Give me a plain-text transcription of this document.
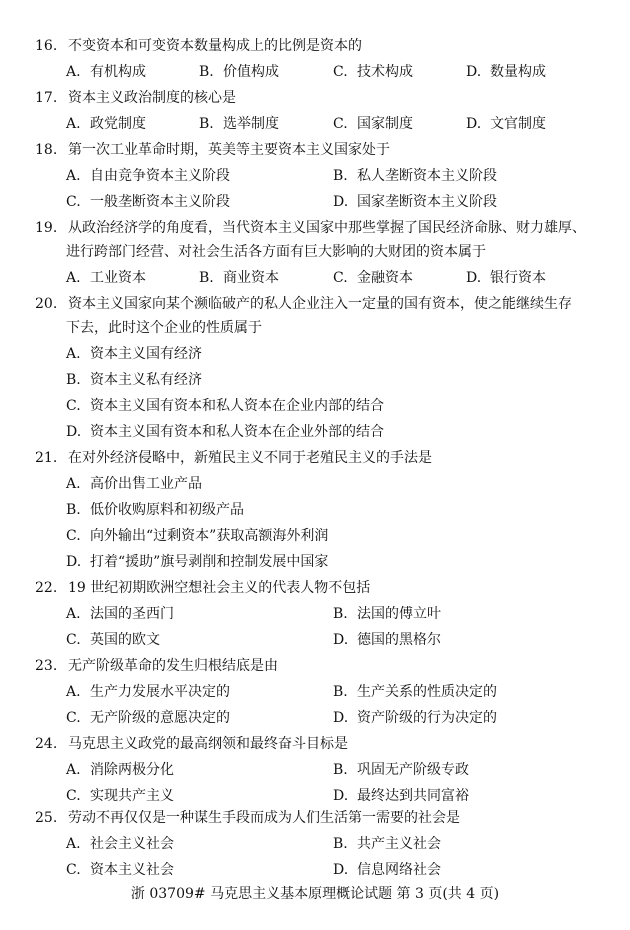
16. 不变资本和可变资本数量构成上的比例是资本的
A. 有机构成	B. 价值构成	C. 技术构成	D. 数量构成
17. 资本主义政治制度的核心是
A. 政党制度	B. 选举制度	C. 国家制度	D. 文官制度
18. 第一次工业革命时期，英美等主要资本主义国家处于
A. 自由竞争资本主义阶段	B. 私人垄断资本主义阶段
C. 一般垄断资本主义阶段	D. 国家垄断资本主义阶段
19. 从政治经济学的角度看，当代资本主义国家中那些掌握了国民经济命脉、财力雄厚、
进行跨部门经营、对社会生活各方面有巨大影响的大财团的资本属于
A. 工业资本	B. 商业资本	C. 金融资本	D. 银行资本
20. 资本主义国家向某个濒临破产的私人企业注入一定量的国有资本，使之能继续生存
下去，此时这个企业的性质属于
A. 资本主义国有经济
B. 资本主义私有经济
C. 资本主义国有资本和私人资本在企业内部的结合
D. 资本主义国有资本和私人资本在企业外部的结合
21. 在对外经济侵略中，新殖民主义不同于老殖民主义的手法是
A. 高价出售工业产品
B. 低价收购原料和初级产品
C. 向外输出“过剩资本”获取高额海外利润
D. 打着“援助”旗号剥削和控制发展中国家
22. 19 世纪初期欧洲空想社会主义的代表人物不包括
A. 法国的圣西门	B. 法国的傅立叶
C. 英国的欧文	D. 德国的黑格尔
23. 无产阶级革命的发生归根结底是由
A. 生产力发展水平决定的	B. 生产关系的性质决定的
C. 无产阶级的意愿决定的	D. 资产阶级的行为决定的
24. 马克思主义政党的最高纲领和最终奋斗目标是
A. 消除两极分化	B. 巩固无产阶级专政
C. 实现共产主义	D. 最终达到共同富裕
25. 劳动不再仅仅是一种谋生手段而成为人们生活第一需要的社会是
A. 社会主义社会	B. 共产主义社会
C. 资本主义社会	D. 信息网络社会
浙 03709# 马克思主义基本原理概论试题 第 3 页(共 4 页)
